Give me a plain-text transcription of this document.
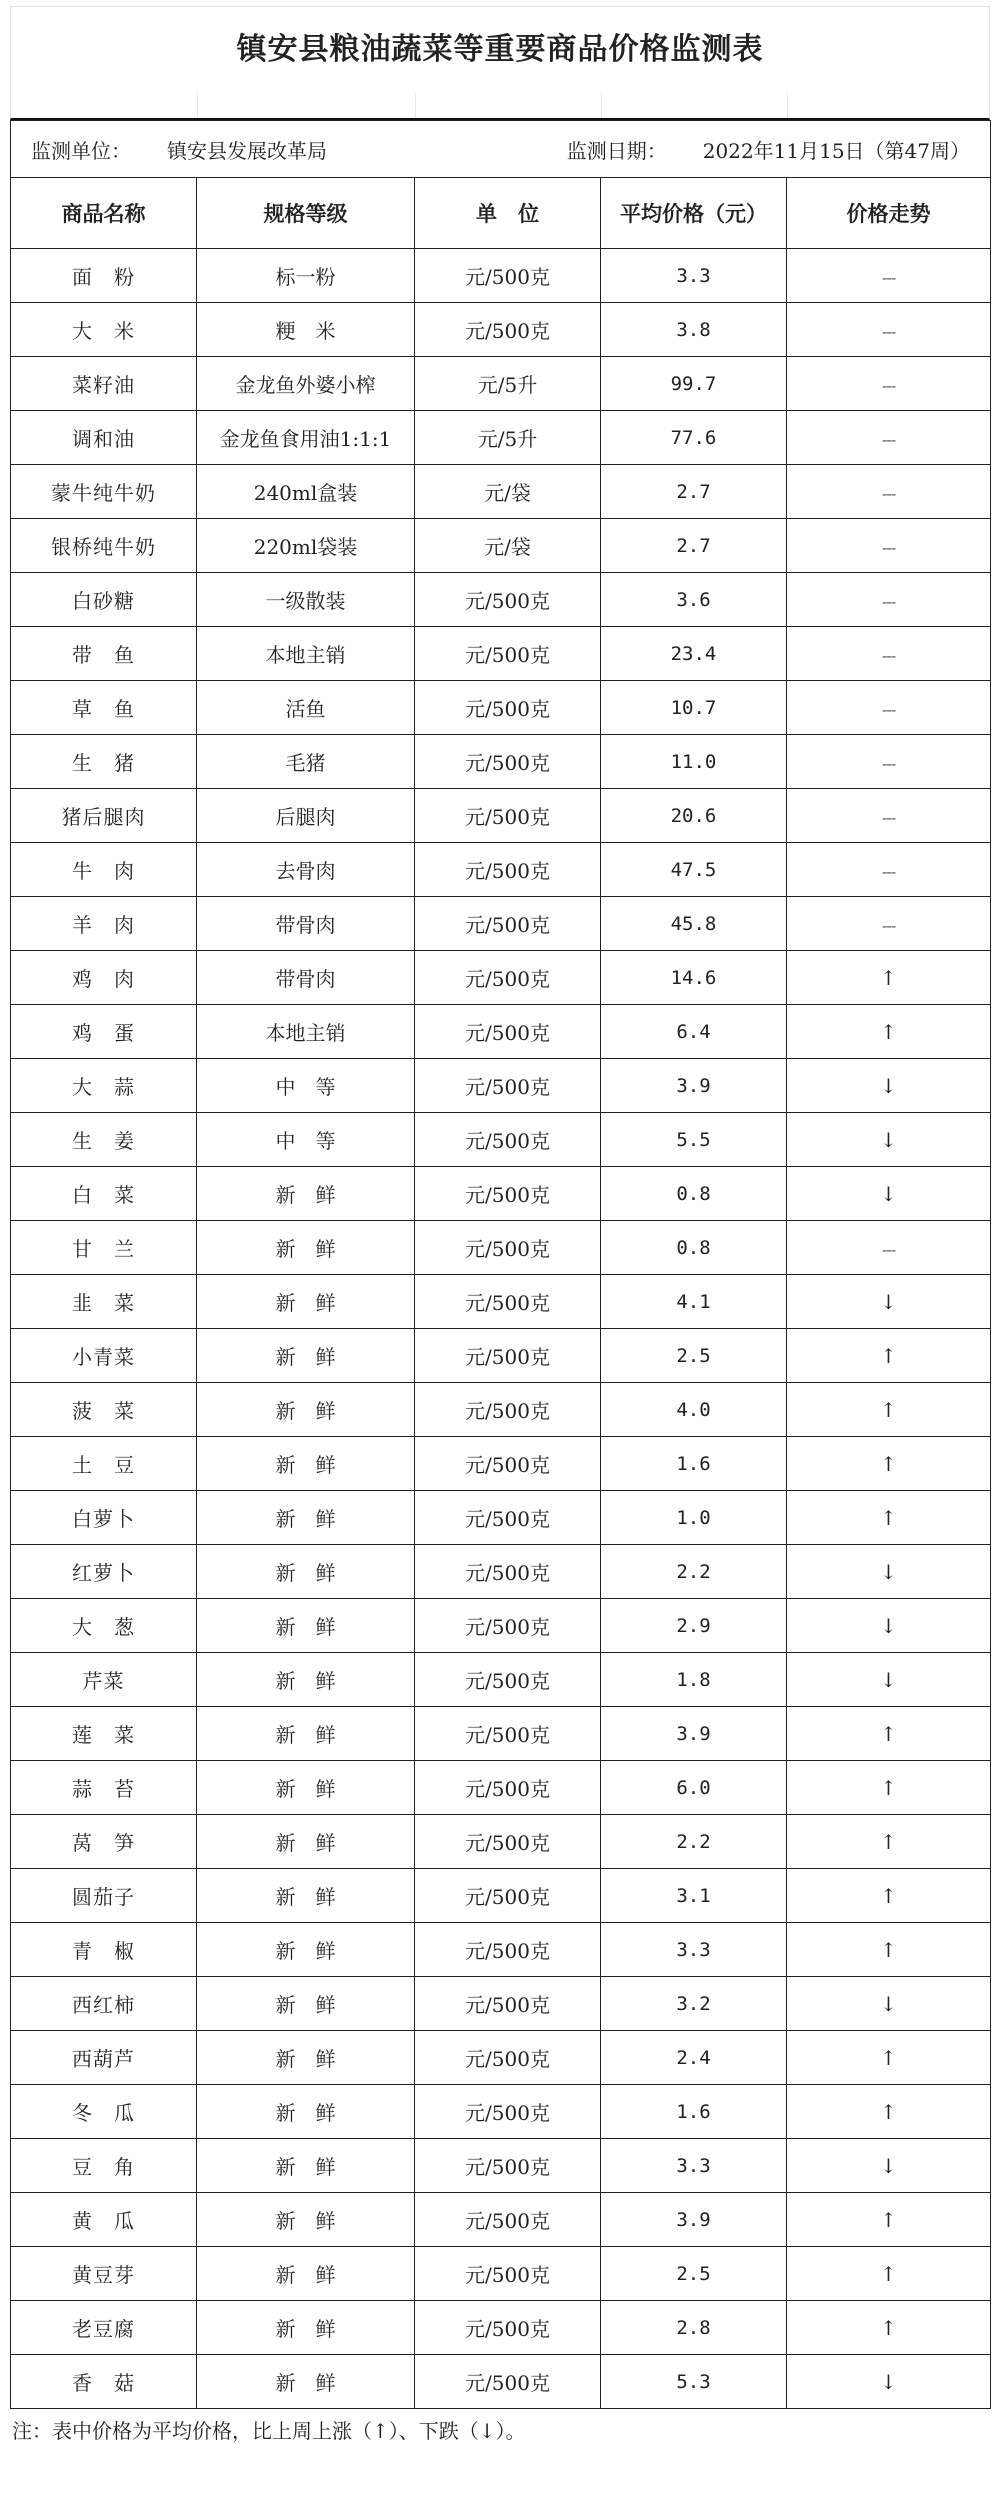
镇安县粮油蔬菜等重要商品价格监测表
监测单位： 镇安县发展改革局 监测日期： 2022年11月15日（第47周）				

商品名称	规格等级	单　位	平均价格（元）	价格走势
面　粉	标一粉	元/500克	3.3	---
大　米	粳　米	元/500克	3.8	---
菜籽油	金龙鱼外婆小榨	元/5升	99.7	---
调和油	金龙鱼食用油1:1:1	元/5升	77.6	---
蒙牛纯牛奶	240ml盒装	元/袋	2.7	---
银桥纯牛奶	220ml袋装	元/袋	2.7	---
白砂糖	一级散装	元/500克	3.6	---
带　鱼	本地主销	元/500克	23.4	---
草　鱼	活鱼	元/500克	10.7	---
生　猪	毛猪	元/500克	11.0	---
猪后腿肉	后腿肉	元/500克	20.6	---
牛　肉	去骨肉	元/500克	47.5	---
羊　肉	带骨肉	元/500克	45.8	---
鸡　肉	带骨肉	元/500克	14.6	↑
鸡　蛋	本地主销	元/500克	6.4	↑
大　蒜	中　等	元/500克	3.9	↓
生　姜	中　等	元/500克	5.5	↓
白　菜	新　鲜	元/500克	0.8	↓
甘　兰	新　鲜	元/500克	0.8	---
韭　菜	新　鲜	元/500克	4.1	↓
小青菜	新　鲜	元/500克	2.5	↑
菠　菜	新　鲜	元/500克	4.0	↑
土　豆	新　鲜	元/500克	1.6	↑
白萝卜	新　鲜	元/500克	1.0	↑
红萝卜	新　鲜	元/500克	2.2	↓
大　葱	新　鲜	元/500克	2.9	↓
芹菜	新　鲜	元/500克	1.8	↓
莲　菜	新　鲜	元/500克	3.9	↑
蒜　苔	新　鲜	元/500克	6.0	↑
莴　笋	新　鲜	元/500克	2.2	↑
圆茄子	新　鲜	元/500克	3.1	↑
青　椒	新　鲜	元/500克	3.3	↑
西红柿	新　鲜	元/500克	3.2	↓
西葫芦	新　鲜	元/500克	2.4	↑
冬　瓜	新　鲜	元/500克	1.6	↑
豆　角	新　鲜	元/500克	3.3	↓
黄　瓜	新　鲜	元/500克	3.9	↑
黄豆芽	新　鲜	元/500克	2.5	↑
老豆腐	新　鲜	元/500克	2.8	↑
香　菇	新　鲜	元/500克	5.3	↓
注：表中价格为平均价格，比上周上涨（↑）、下跌（↓）。
